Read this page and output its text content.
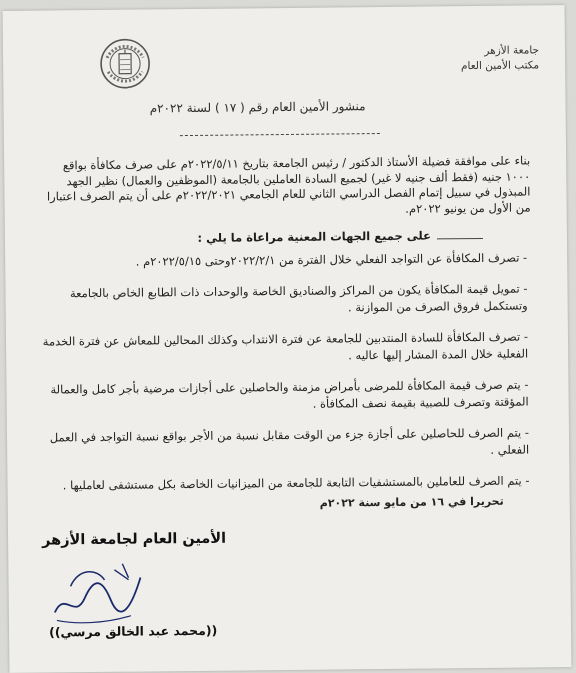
جامعة الأزهر
مكتب الأمين العام
منشور الأمين العام رقم ( ١٧ ) لسنة ٢٠٢٢م
بناء على موافقة فضيلة الأستاذ الدكتور / رئيس الجامعة بتاريخ ٢٠٢٢/٥/١١م على صرف مكافأة بواقع ١٠٠٠ جنيه (فقط ألف جنيه لا غير) لجميع السادة العاملين بالجامعة (الموظفين والعمال) نظير الجهد المبذول في سبيل إتمام الفصل الدراسي الثاني للعام الجامعي ٢٠٢٢/٢٠٢١م على أن يتم الصرف اعتبارا من الأول من يونيو ٢٠٢٢م.
على جميع الجهات المعنية مراعاة ما يلي :

- تصرف المكافأة عن التواجد الفعلي خلال الفترة من ٢٠٢٢/٢/١وحتى ٢٠٢٢/٥/١٥م .

- تمويل قيمة المكافأة يكون من المراكز والصناديق الخاصة والوحدات ذات الطابع الخاص بالجامعة وتستكمل فروق الصرف من الموازنة .

- تصرف المكافأة للسادة المنتدبين للجامعة عن فترة الانتداب وكذلك المحالين للمعاش عن فترة الخدمة الفعلية خلال المدة المشار إليها عاليه .

- يتم صرف قيمة المكافأة للمرضى بأمراض مزمنة والحاصلين على أجازات مرضية بأجر كامل والعمالة المؤقتة وتصرف للصبية بقيمة نصف المكافأة .

- يتم الصرف للحاصلين على أجازة جزء من الوقت مقابل نسبة من الأجر بواقع نسبة التواجد في العمل الفعلي .

- يتم الصرف للعاملين بالمستشفيات التابعة للجامعة من الميزانيات الخاصة بكل مستشفى لعامليها .

تحريرا في ١٦ من مايو سنة ٢٠٢٢م
الأمين العام لجامعة الأزهر
((محمد عبد الخالق مرسي))
